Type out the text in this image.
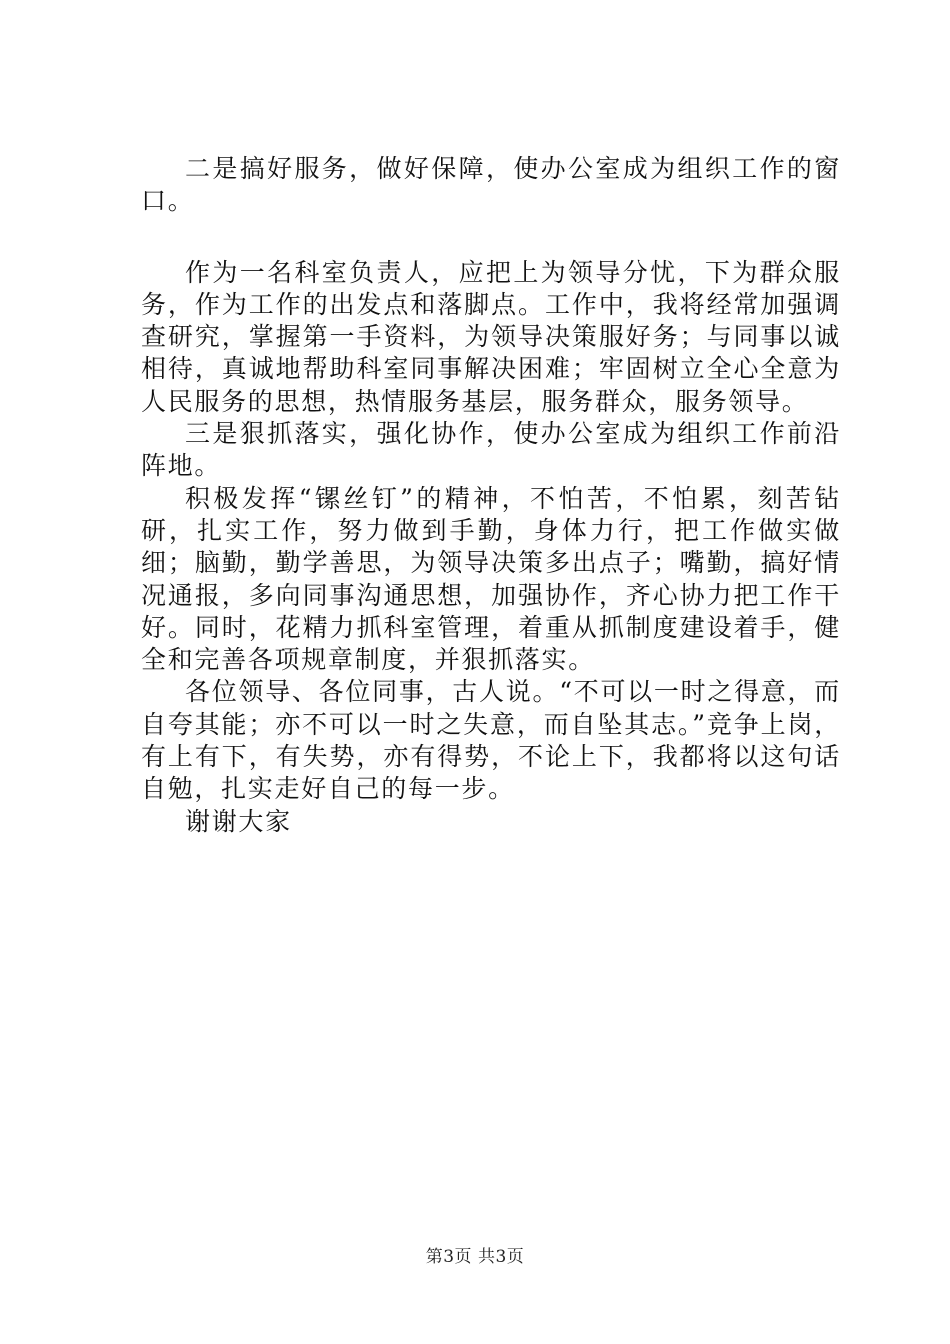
二是搞好服务，做好保障，使办公室成为组织工作的窗口。

作为一名科室负责人，应把上为领导分忧，下为群众服务，作为工作的出发点和落脚点。工作中，我将经常加强调查研究，掌握第一手资料，为领导决策服好务；与同事以诚相待，真诚地帮助科室同事解决困难；牢固树立全心全意为人民服务的思想，热情服务基层，服务群众，服务领导。

三是狠抓落实，强化协作，使办公室成为组织工作前沿阵地。

积极发挥“镙丝钉”的精神，不怕苦，不怕累，刻苦钻研，扎实工作，努力做到手勤，身体力行，把工作做实做细；脑勤，勤学善思，为领导决策多出点子；嘴勤，搞好情况通报，多向同事沟通思想，加强协作，齐心协力把工作干好。同时，花精力抓科室管理，着重从抓制度建设着手，健全和完善各项规章制度，并狠抓落实。

各位领导、各位同事，古人说。“不可以一时之得意，而自夸其能；亦不可以一时之失意，而自坠其志。”竞争上岗，有上有下，有失势，亦有得势，不论上下，我都将以这句话自勉，扎实走好自己的每一步。

谢谢大家

第3页 共3页
